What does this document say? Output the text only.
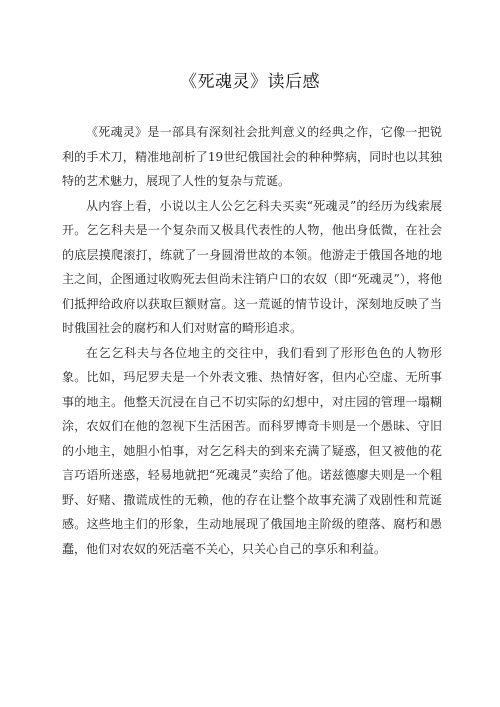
《死魂灵》读后感

《死魂灵》是一部具有深刻社会批判意义的经典之作，它像一把锐利的手术刀，精准地剖析了19世纪俄国社会的种种弊病，同时也以其独特的艺术魅力，展现了人性的复杂与荒诞。

从内容上看，小说以主人公乞乞科夫买卖“死魂灵”的经历为线索展开。乞乞科夫是一个复杂而又极具代表性的人物，他出身低微，在社会的底层摸爬滚打，练就了一身圆滑世故的本领。他游走于俄国各地的地主之间，企图通过收购死去但尚未注销户口的农奴（即“死魂灵”），将他们抵押给政府以获取巨额财富。这一荒诞的情节设计，深刻地反映了当时俄国社会的腐朽和人们对财富的畸形追求。

在乞乞科夫与各位地主的交往中，我们看到了形形色色的人物形象。比如，玛尼罗夫是一个外表文雅、热情好客，但内心空虚、无所事事的地主。他整天沉浸在自己不切实际的幻想中，对庄园的管理一塌糊涂，农奴们在他的忽视下生活困苦。而科罗博奇卡则是一个愚昧、守旧的小地主，她胆小怕事，对乞乞科夫的到来充满了疑惑，但又被他的花言巧语所迷惑，轻易地就把“死魂灵”卖给了他。诺兹德廖夫则是一个粗野、好赌、撒谎成性的无赖，他的存在让整个故事充满了戏剧性和荒诞感。这些地主们的形象，生动地展现了俄国地主阶级的堕落、腐朽和愚蠢，他们对农奴的死活毫不关心，只关心自己的享乐和利益。
